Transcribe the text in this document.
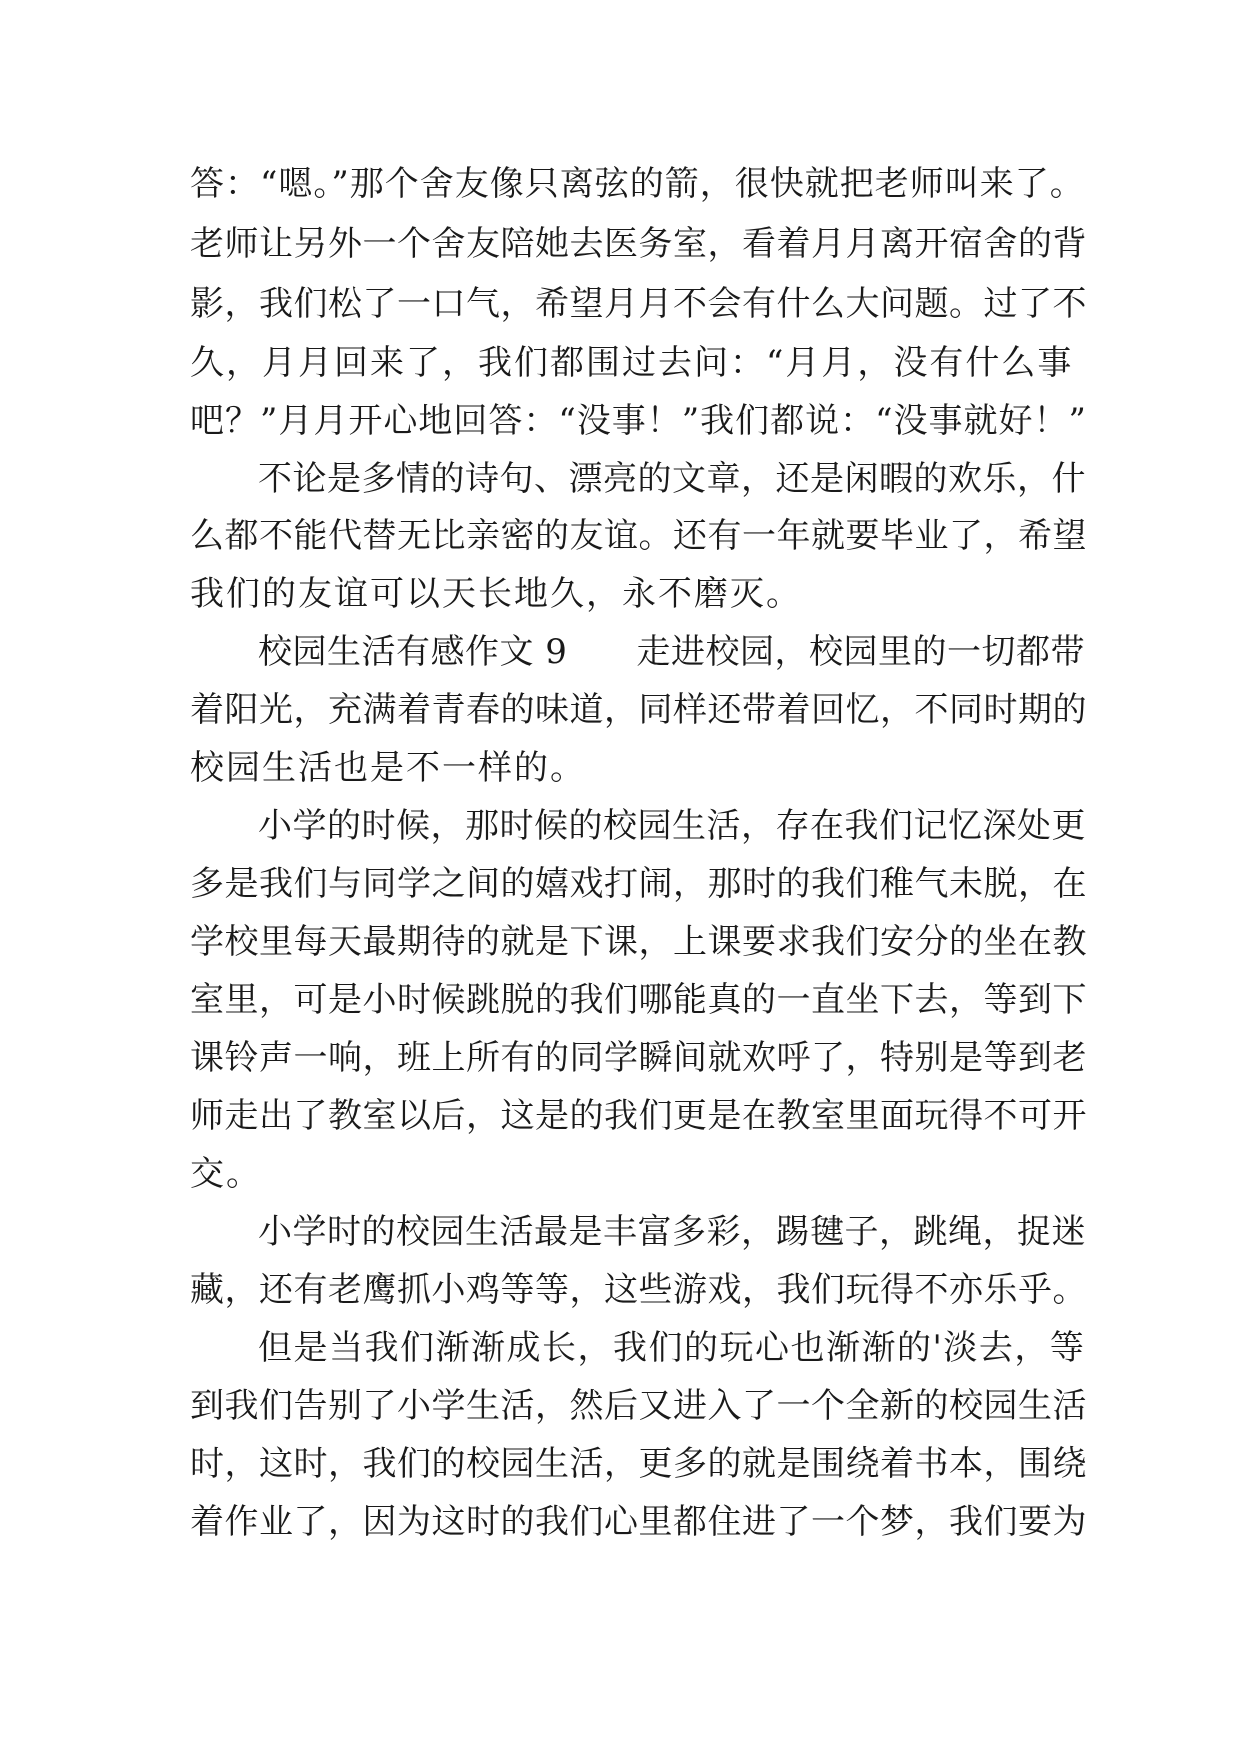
答：“嗯。”那个舍友像只离弦的箭，很快就把老师叫来了。
老师让另外一个舍友陪她去医务室，看着月月离开宿舍的背
影，我们松了一口气，希望月月不会有什么大问题。过了不
久，月月回来了，我们都围过去问：“月月，没有什么事
吧？”月月开心地回答：“没事！”我们都说：“没事就好！”
不论是多情的诗句、漂亮的文章，还是闲暇的欢乐，什
么都不能代替无比亲密的友谊。还有一年就要毕业了，希望
我们的友谊可以天长地久，永不磨灭。
校园生活有感作文 9　　走进校园，校园里的一切都带
着阳光，充满着青春的味道，同样还带着回忆，不同时期的
校园生活也是不一样的。
小学的时候，那时候的校园生活，存在我们记忆深处更
多是我们与同学之间的嬉戏打闹，那时的我们稚气未脱，在
学校里每天最期待的就是下课，上课要求我们安分的坐在教
室里，可是小时候跳脱的我们哪能真的一直坐下去，等到下
课铃声一响，班上所有的同学瞬间就欢呼了，特别是等到老
师走出了教室以后，这是的我们更是在教室里面玩得不可开
交。
小学时的校园生活最是丰富多彩，踢毽子，跳绳，捉迷
藏，还有老鹰抓小鸡等等，这些游戏，我们玩得不亦乐乎。
但是当我们渐渐成长，我们的玩心也渐渐的'淡去，等
到我们告别了小学生活，然后又进入了一个全新的校园生活
时，这时，我们的校园生活，更多的就是围绕着书本，围绕
着作业了，因为这时的我们心里都住进了一个梦，我们要为
